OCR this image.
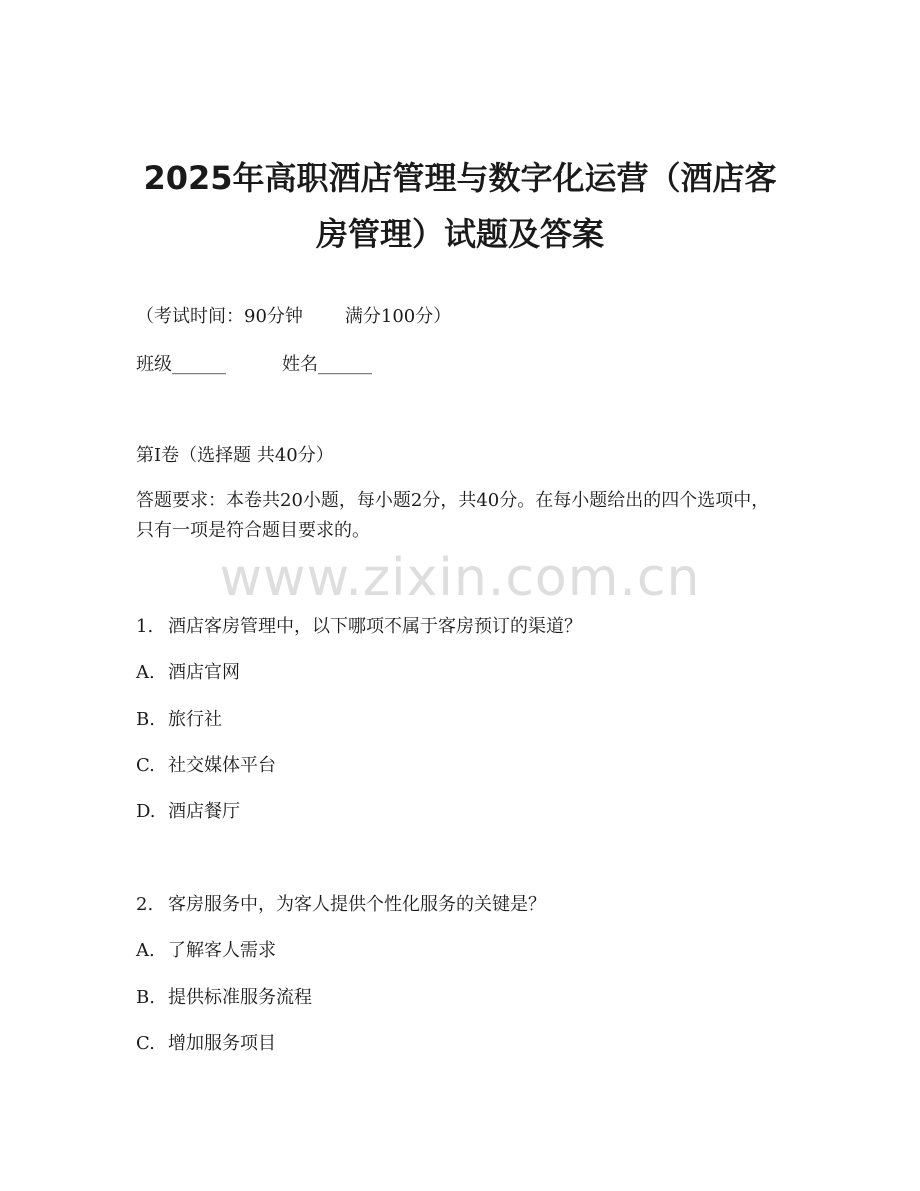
2025年高职酒店管理与数字化运营（酒店客
房管理）试题及答案

（考试时间：90分钟 满分100分）

班级______	姓名______

第I卷（选择题 共40分）

答题要求：本卷共20小题，每小题2分，共40分。在每小题给出的四个选项中，只有一项是符合题目要求的。

www.zixin.com.cn

1. 酒店客房管理中，以下哪项不属于客房预订的渠道？

A. 酒店官网

B. 旅行社

C. 社交媒体平台

D. 酒店餐厅

2. 客房服务中，为客人提供个性化服务的关键是？

A. 了解客人需求

B. 提供标准服务流程

C. 增加服务项目
